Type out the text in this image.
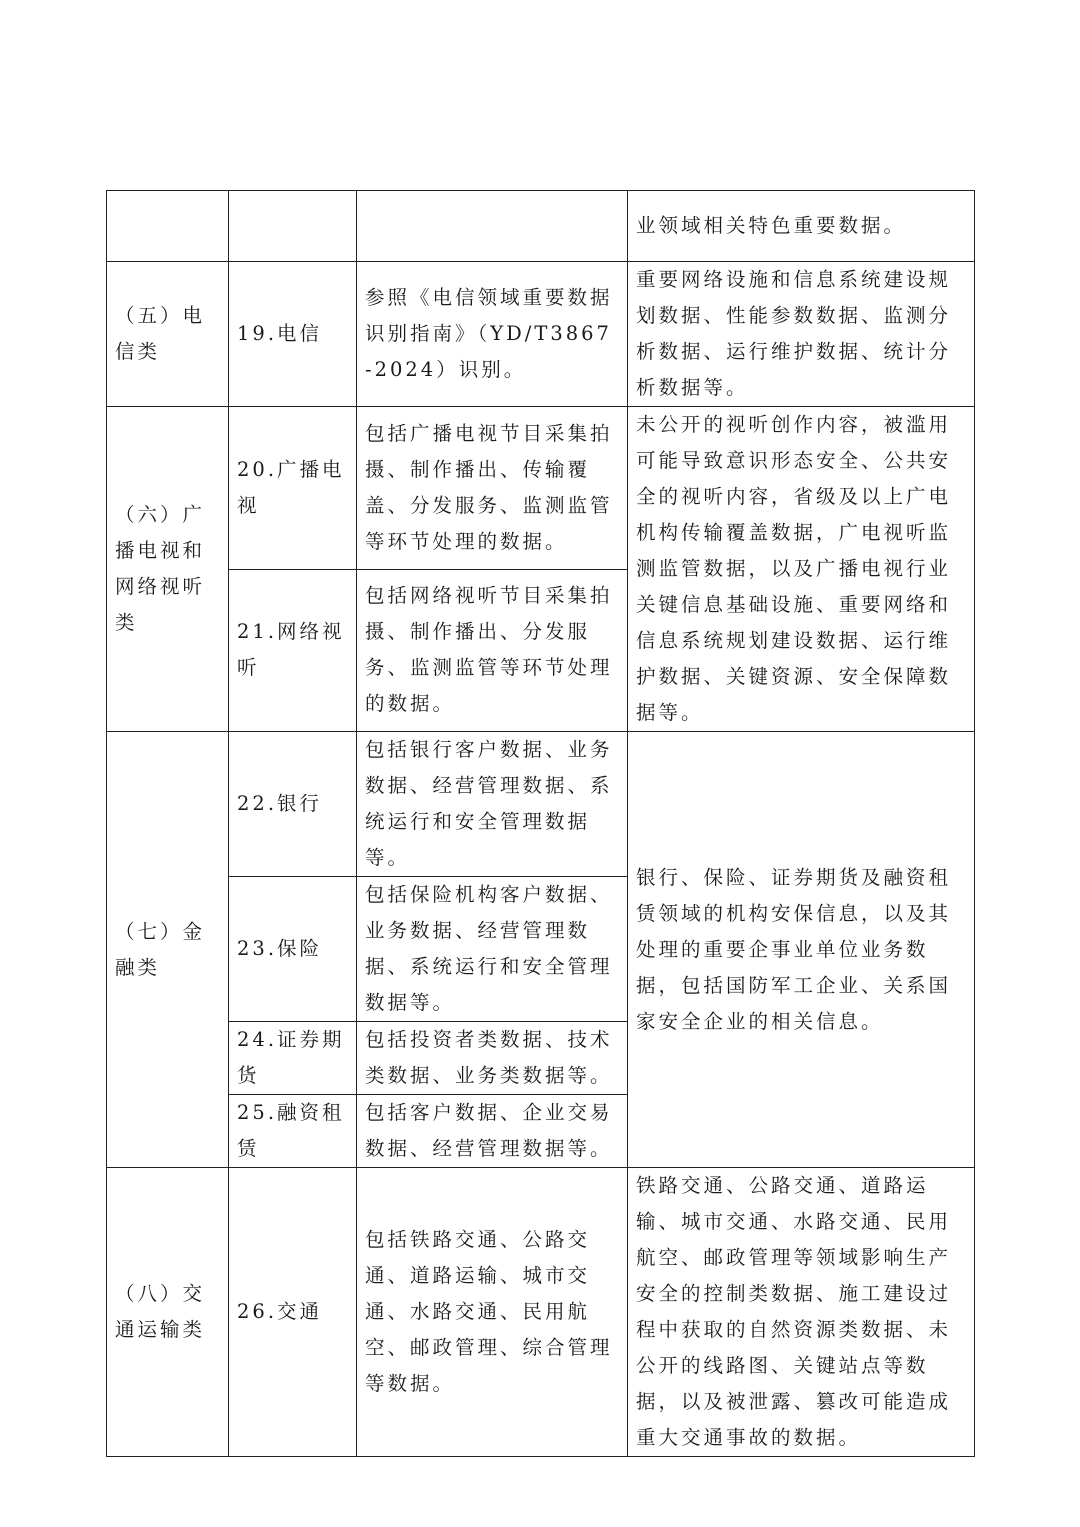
			业领域相关特色重要数据。
（五）电信类	19.电信	参照《电信领域重要数据识别指南》（YD/T3867-2024）识别。	重要网络设施和信息系统建设规划数据、性能参数数据、监测分析数据、运行维护数据、统计分析数据等。
（六）广播电视和网络视听类	20.广播电视	包括广播电视节目采集拍摄、制作播出、传输覆盖、分发服务、监测监管等环节处理的数据。	未公开的视听创作内容，被滥用可能导致意识形态安全、公共安全的视听内容，省级及以上广电机构传输覆盖数据，广电视听监测监管数据，以及广播电视行业关键信息基础设施、重要网络和信息系统规划建设数据、运行维护数据、关键资源、安全保障数据等。
	21.网络视听	包括网络视听节目采集拍摄、制作播出、分发服务、监测监管等环节处理的数据。	
（七）金融类	22.银行	包括银行客户数据、业务数据、经营管理数据、系统运行和安全管理数据等。	银行、保险、证券期货及融资租赁领域的机构安保信息，以及其处理的重要企事业单位业务数据，包括国防军工企业、关系国家安全企业的相关信息。
	23.保险	包括保险机构客户数据、业务数据、经营管理数据、系统运行和安全管理数据等。	
	24.证券期货	包括投资者类数据、技术类数据、业务类数据等。	
	25.融资租赁	包括客户数据、企业交易数据、经营管理数据等。	
（八）交通运输类	26.交通	包括铁路交通、公路交通、道路运输、城市交通、水路交通、民用航空、邮政管理、综合管理等数据。	铁路交通、公路交通、道路运输、城市交通、水路交通、民用航空、邮政管理等领域影响生产安全的控制类数据、施工建设过程中获取的自然资源类数据、未公开的线路图、关键站点等数据，以及被泄露、篡改可能造成重大交通事故的数据。
